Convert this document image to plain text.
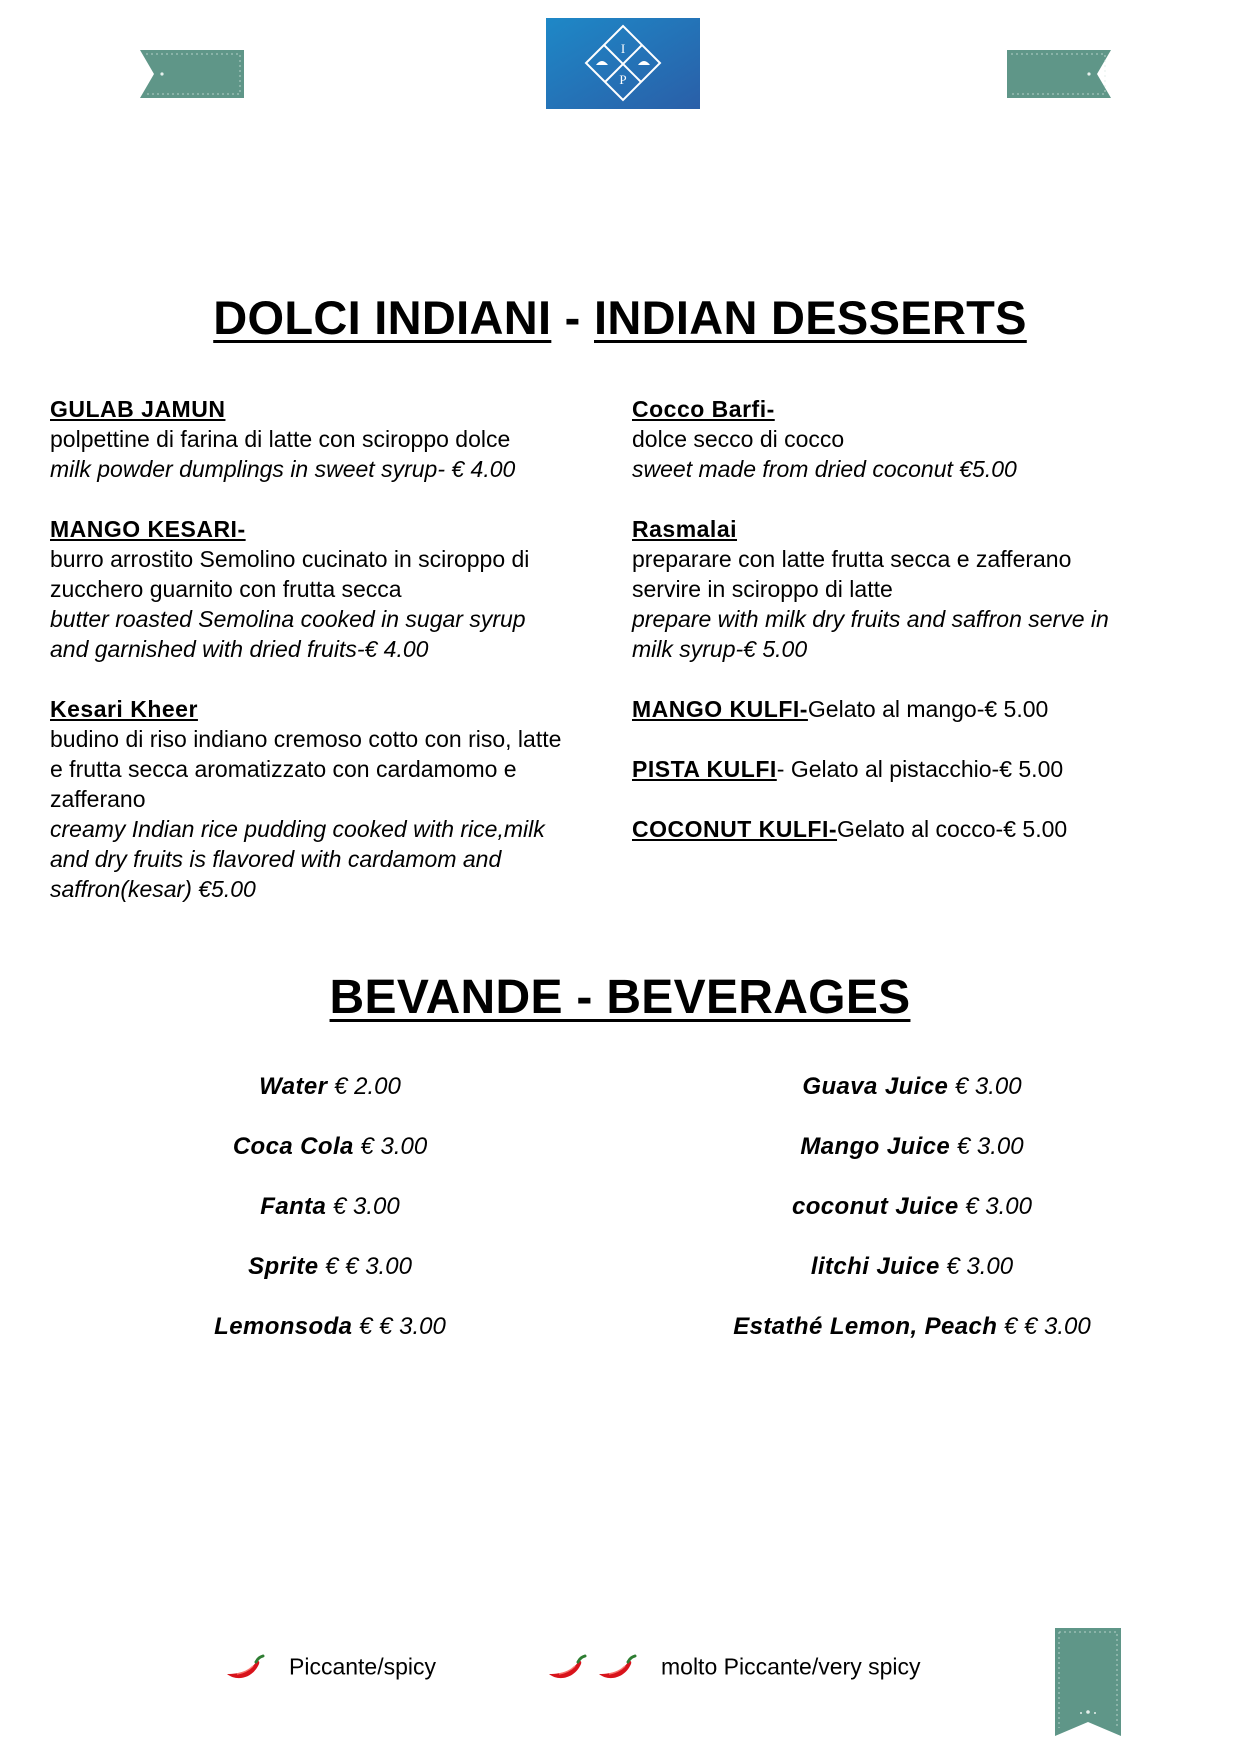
I
P
DOLCI INDIANI - INDIAN DESSERTS
GULAB JAMUN
polpettine di farina di latte con sciroppo dolce
milk powder dumplings in sweet syrup- € 4.00
MANGO KESARI-
burro arrostito Semolino cucinato in sciroppo di
zucchero guarnito con frutta secca
butter roasted Semolina cooked in sugar syrup
and garnished with dried fruits-€ 4.00
Kesari Kheer
budino di riso indiano cremoso cotto con riso, latte
e frutta secca aromatizzato con cardamomo e
zafferano
creamy Indian rice pudding cooked with rice,milk
and dry fruits is flavored with cardamom and
saffron(kesar) €5.00
Cocco Barfi-
dolce secco di cocco
sweet made from dried coconut €5.00
Rasmalai
preparare con latte frutta secca e zafferano
servire in sciroppo di latte
prepare with milk dry fruits and saffron serve in
milk syrup-€ 5.00
MANGO KULFI-Gelato al mango-€ 5.00
PISTA KULFI- Gelato al pistacchio-€ 5.00
COCONUT KULFI-Gelato al cocco-€ 5.00
BEVANDE - BEVERAGES
Water € 2.00
Coca Cola € 3.00
Fanta € 3.00
Sprite € € 3.00
Lemonsoda € € 3.00
Guava Juice € 3.00
Mango Juice € 3.00
coconut Juice € 3.00
litchi Juice € 3.00
Estathé Lemon, Peach € € 3.00
Piccante/spicy	molto Piccante/very spicy
